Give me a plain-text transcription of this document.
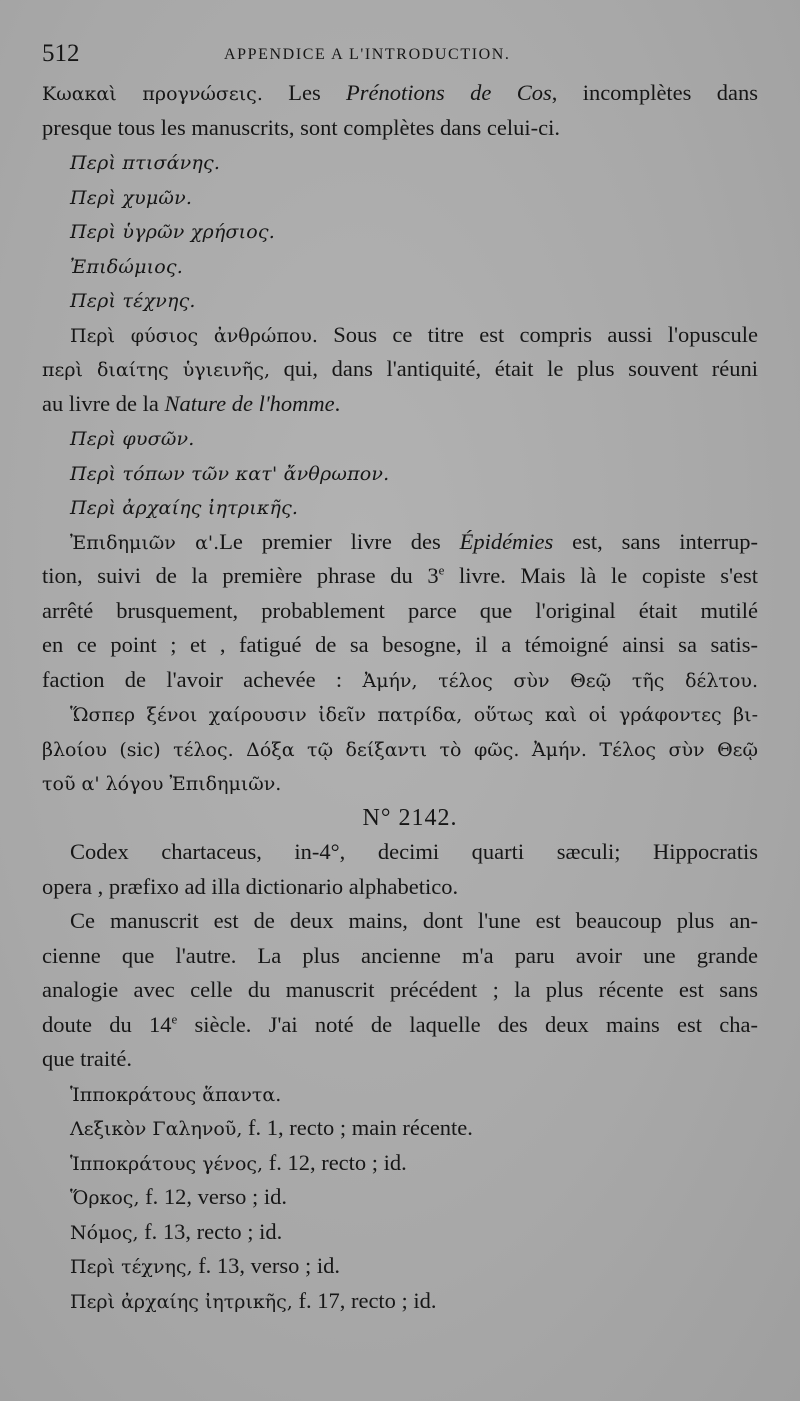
512	APPENDICE A L'INTRODUCTION.
Κωακαὶ προγνώσεις. Les Prénotions de Cos, incomplètes dans
presque tous les manuscrits, sont complètes dans celui-ci.
Περὶ πτισάνης.
Περὶ χυμῶν.
Περὶ ὑγρῶν χρήσιος.
Ἐπιδώμιος.
Περὶ τέχνης.
Περὶ φύσιος ἀνθρώπου. Sous ce titre est compris aussi l'opuscule
περὶ διαίτης ὑγιεινῆς, qui, dans l'antiquité, était le plus souvent réuni
au livre de la Nature de l'homme.
Περὶ φυσῶν.
Περὶ τόπων τῶν κατ' ἄνθρωπον.
Περὶ ἀρχαίης ἰητρικῆς.
Ἐπιδημιῶν α'.Le premier livre des Épidémies est, sans interrup-
tion, suivi de la première phrase du 3e livre. Mais là le copiste s'est
arrêté brusquement, probablement parce que l'original était mutilé
en ce point ; et , fatigué de sa besogne, il a témoigné ainsi sa satis-
faction de l'avoir achevée : Ἀμήν, τέλος σὺν Θεῷ τῆς δέλτου.
Ὥσπερ ξένοι χαίρουσιν ἰδεῖν πατρίδα, οὕτως καὶ οἱ γράφοντες βι-
βλοίου (sic) τέλος. Δόξα τῷ δείξαντι τὸ φῶς. Ἀμήν. Τέλος σὺν Θεῷ
τοῦ α' λόγου Ἐπιδημιῶν.
N° 2142.
Codex chartaceus, in-4°, decimi quarti sæculi; Hippocratis
opera , præfixo ad illa dictionario alphabetico.
Ce manuscrit est de deux mains, dont l'une est beaucoup plus an-
cienne que l'autre. La plus ancienne m'a paru avoir une grande
analogie avec celle du manuscrit précédent ; la plus récente est sans
doute du 14e siècle. J'ai noté de laquelle des deux mains est cha-
que traité.
Ἱπποκράτους ἅπαντα.
Λεξικὸν Γαληνοῦ, f. 1, recto ; main récente.
Ἱπποκράτους γένος, f. 12, recto ; id.
Ὅρκος, f. 12, verso ; id.
Νόμος, f. 13, recto ; id.
Περὶ τέχνης, f. 13, verso ; id.
Περὶ ἀρχαίης ἰητρικῆς, f. 17, recto ; id.
